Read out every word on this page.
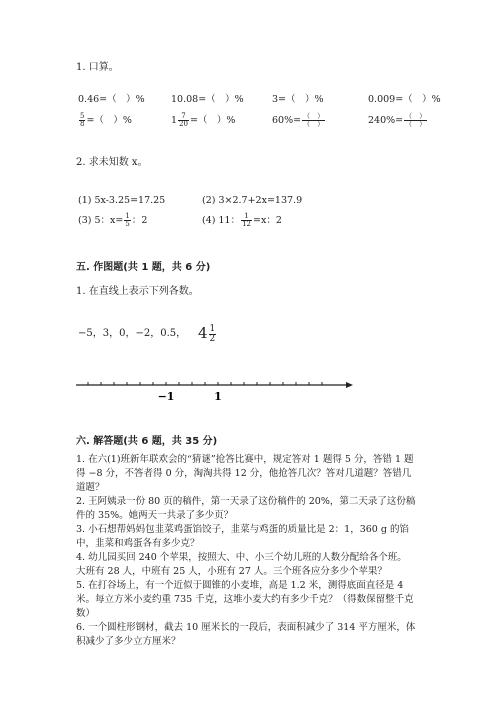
1. 口算。
0.46=（　）%	10.08=（　）%	3=（　）%	0.009=（　）%
$\frac{5}{8}$ =（　）%	$1 \frac{7}{20}$ =（　）%	$60\%= \frac{( )}{( )}$	$240\%= \frac{( )}{( )}$
2. 求未知数 x。
(1) 5x-3.25=17.25	(2) 3×2.7+2x=137.9
(3) 5：$x= \frac{1}{5}$ ：2	(4) 11： $\frac{1}{12} =x$：2
五. 作图题(共 1 题，共 6 分)
1. 在直线上表示下列各数。
−5，3，0，−2，0.5， $4 \frac{1}{2}$
−1	1
六. 解答题(共 6 题，共 35 分)
1. 在六(1)班新年联欢会的“猜谜”抢答比赛中，规定答对 1 题得 5 分，答错 1 题得 −8 分，不答者得 0 分，淘淘共得 12 分，他抢答几次？答对几道题？答错几道题？
2. 王阿姨录一份 80 页的稿件，第一天录了这份稿件的 20%，第二天录了这份稿件的 35%。她两天一共录了多少页？
3. 小石想帮妈妈包韭菜鸡蛋馅饺子，韭菜与鸡蛋的质量比是 2：1，360 g 的馅中，韭菜和鸡蛋各有多少克？
4. 幼儿园买回 240 个苹果，按照大、中、小三个幼儿班的人数分配给各个班。大班有 28 人，中班有 25 人，小班有 27 人。三个班各应分多少个苹果？
5. 在打谷场上，有一个近似于圆锥的小麦堆，高是 1.2 米，测得底面直径是 4 米。每立方米小麦约重 735 千克，这堆小麦大约有多少千克？（得数保留整千克数）
6. 一个圆柱形钢材，截去 10 厘米长的一段后，表面积减少了 314 平方厘米，体积减少了多少立方厘米？
